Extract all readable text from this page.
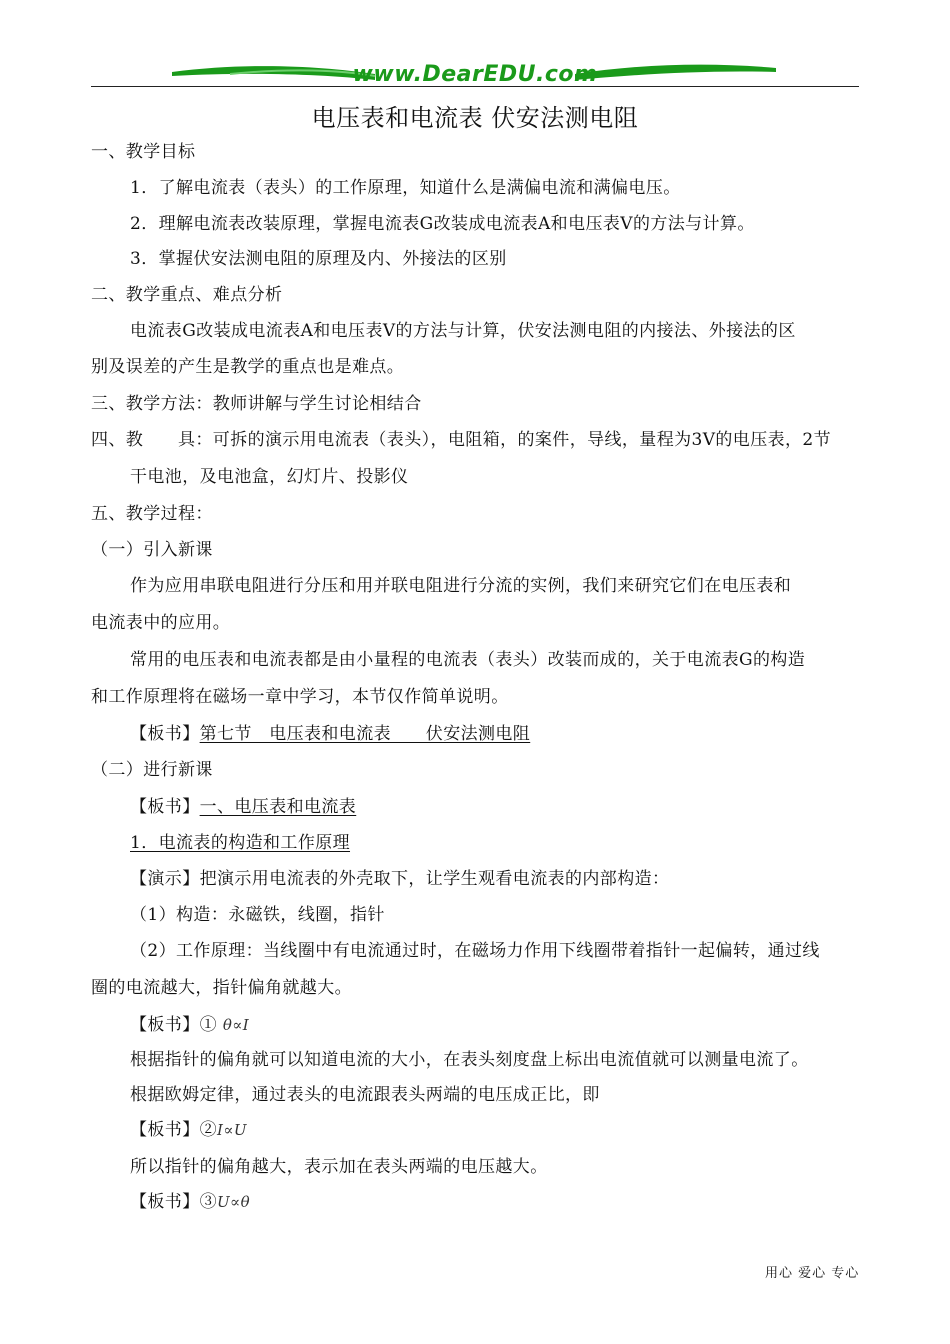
www.DearEDU.com
电压表和电流表 伏安法测电阻
一、教学目标
1．了解电流表（表头）的工作原理，知道什么是满偏电流和满偏电压。
2．理解电流表改装原理，掌握电流表G改装成电流表A和电压表V的方法与计算。
3．掌握伏安法测电阻的原理及内、外接法的区别
二、教学重点、难点分析
电流表G改装成电流表A和电压表V的方法与计算，伏安法测电阻的内接法、外接法的区
别及误差的产生是教学的重点也是难点。
三、教学方法：教师讲解与学生讨论相结合
四、教　　具：可拆的演示用电流表（表头），电阻箱，的案件，导线，量程为3V的电压表，2节
干电池，及电池盒，幻灯片、投影仪
五、教学过程：
（一）引入新课
作为应用串联电阻进行分压和用并联电阻进行分流的实例，我们来研究它们在电压表和
电流表中的应用。
常用的电压表和电流表都是由小量程的电流表（表头）改装而成的，关于电流表G的构造
和工作原理将在磁场一章中学习，本节仅作简单说明。
【板书】第七节　电压表和电流表　　伏安法测电阻
（二）进行新课
【板书】一、电压表和电流表
1．电流表的构造和工作原理
【演示】把演示用电流表的外壳取下，让学生观看电流表的内部构造：
（1）构造：永磁铁，线圈，指针
（2）工作原理：当线圈中有电流通过时，在磁场力作用下线圈带着指针一起偏转，通过线
圈的电流越大，指针偏角就越大。
【板书】① θ∝I
根据指针的偏角就可以知道电流的大小，在表头刻度盘上标出电流值就可以测量电流了。
根据欧姆定律，通过表头的电流跟表头两端的电压成正比，即
【板书】②I∝U
所以指针的偏角越大，表示加在表头两端的电压越大。
【板书】③U∝θ
用心 爱心 专心
